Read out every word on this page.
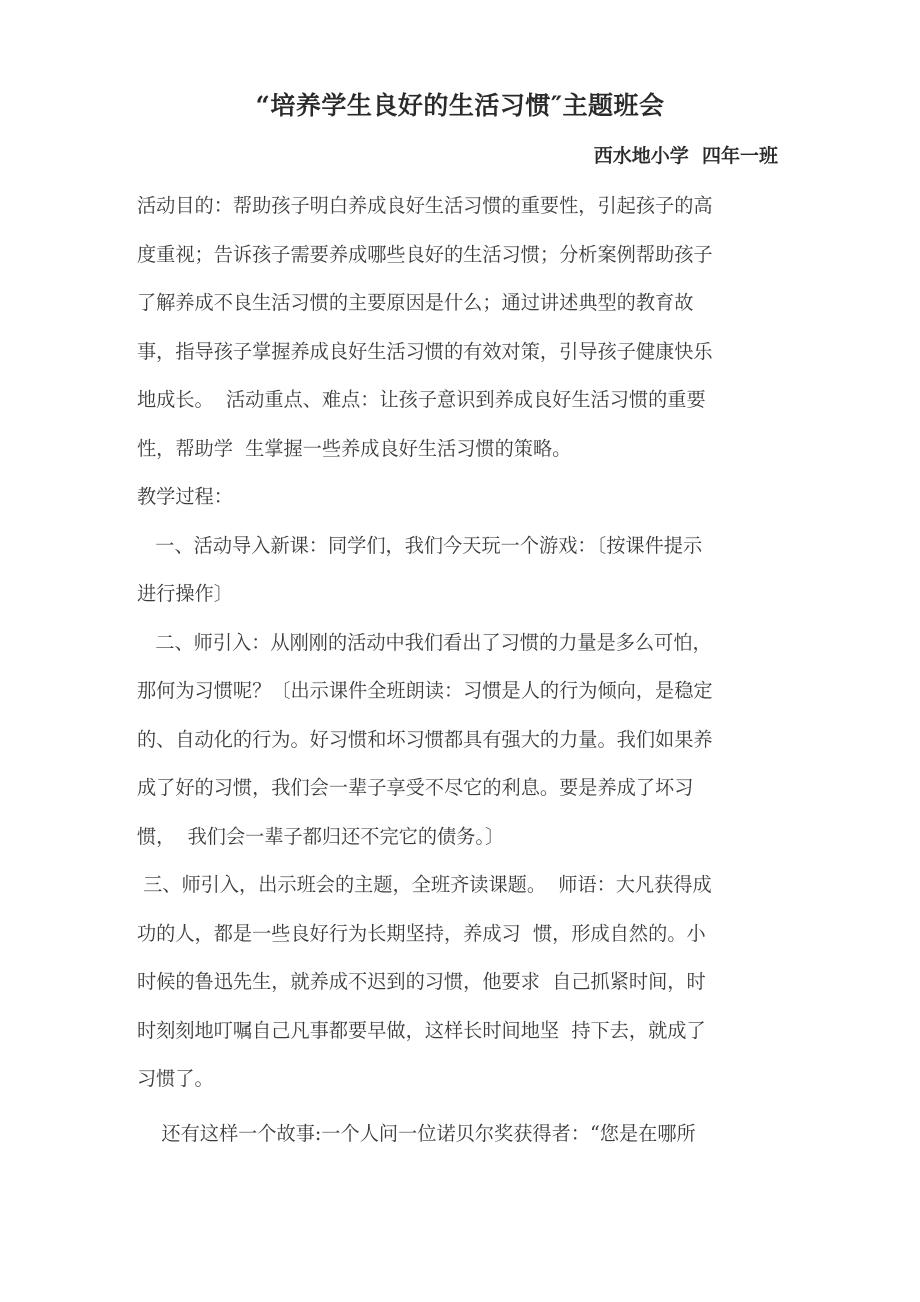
“培养学生良好的生活习惯″主题班会
西水地小学  四年一班
活动目的：帮助孩子明白养成良好生活习惯的重要性，引起孩子的高
度重视；告诉孩子需要养成哪些良好的生活习惯；分析案例帮助孩子
了解养成不良生活习惯的主要原因是什么；通过讲述典型的教育故
事，指导孩子掌握养成良好生活习惯的有效对策，引导孩子健康快乐
地成长。  活动重点、难点：让孩子意识到养成良好生活习惯的重要
性，帮助学  生掌握一些养成良好生活习惯的策略。
教学过程：
一、活动导入新课：同学们，我们今天玩一个游戏：〔按课件提示
进行操作〕
二、师引入：从刚刚的活动中我们看出了习惯的力量是多么可怕，
那何为习惯呢？〔出示课件全班朗读：习惯是人的行为倾向，是稳定
的、自动化的行为。好习惯和坏习惯都具有强大的力量。我们如果养
成了好的习惯，我们会一辈子享受不尽它的利息。要是养成了坏习
惯，  我们会一辈子都归还不完它的债务。〕
三、师引入，出示班会的主题，全班齐读课题。  师语：大凡获得成
功的人，都是一些良好行为长期坚持，养成习  惯，形成自然的。小
时候的鲁迅先生，就养成不迟到的习惯，他要求  自己抓紧时间，时
时刻刻地叮嘱自己凡事都要早做，这样长时间地坚  持下去，就成了
习惯了。
还有这样一个故事:一个人问一位诺贝尔奖获得者：“您是在哪所
